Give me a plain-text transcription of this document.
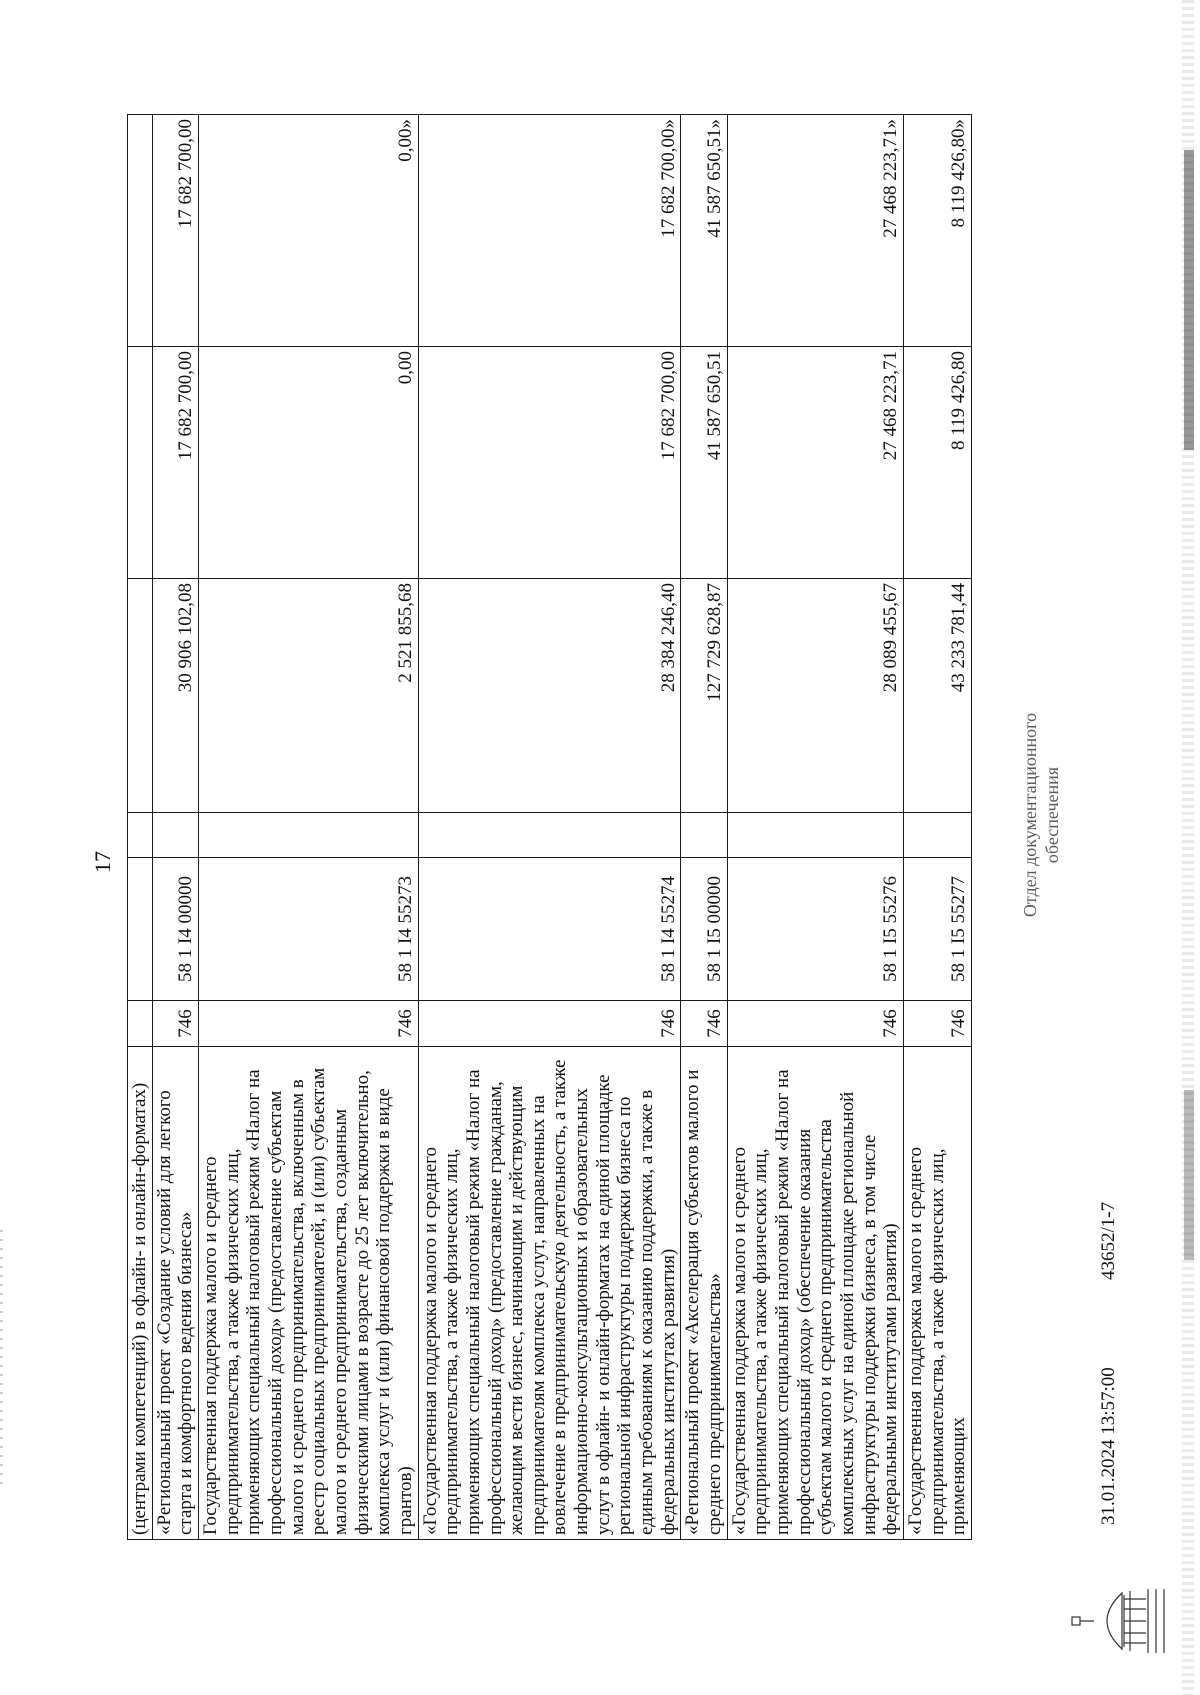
17
(центрами компетенций) в офлайн- и онлайн-форматах)						
«Региональный проект «Создание условий для легкого старта и комфортного ведения бизнеса»	746	58 1 I4 00000		30 906 102,08	17 682 700,00	17 682 700,00
Государственная поддержка малого и среднего предпринимательства, а также физических лиц, применяющих специальный налоговый режим «Налог на профессиональный доход» (предоставление субъектам малого и среднего предпринимательства, включенным в реестр социальных предпринимателей, и (или) субъектам малого и среднего предпринимательства, созданным физическими лицами в возрасте до 25 лет включительно, комплекса услуг и (или) финансовой поддержки в виде грантов)	746	58 1 I4 55273		2 521 855,68	0,00	0,00»
«Государственная поддержка малого и среднего предпринимательства, а также физических лиц, применяющих специальный налоговый режим «Налог на профессиональный доход» (предоставление гражданам, желающим вести бизнес, начинающим и действующим предпринимателям комплекса услут, направленных на вовлечение в предпринимательскую деятельность, а также информационно-консультационных и образовательных услут в офлайн- и онлайн-форматах на единой площадке региональной инфраструктуры поддержки бизнеса по единым требованиям к оказанию поддержки, а также в федеральных институтах развития)	746	58 1 I4 55274		28 384 246,40	17 682 700,00	17 682 700,00»
«Региональный проект «Акселерация субъектов малого и среднего предпринимательства»	746	58 1 I5 00000		127 729 628,87	41 587 650,51	41 587 650,51»
«Государственная поддержка малого и среднего предпринимательства, а также физических лиц, применяющих специальный налоговый режим «Налог на профессиональный доход» (обеспечение оказания субъектам малого и среднего предпринимательства комплексных услуг на единой площадке региональной инфраструктуры поддержки бизнеса, в том числе федеральными институтами развития)	746	58 1 I5 55276		28 089 455,67	27 468 223,71	27 468 223,71»
«Государственная поддержка малого и среднего предпринимательства, а также физических лиц, применяющих	746	58 1 I5 55277		43 233 781,44	8 119 426,80	8 119 426,80»
31.01.2024 13:57:00
43652/1-7
Отдел документационного обеспечения
